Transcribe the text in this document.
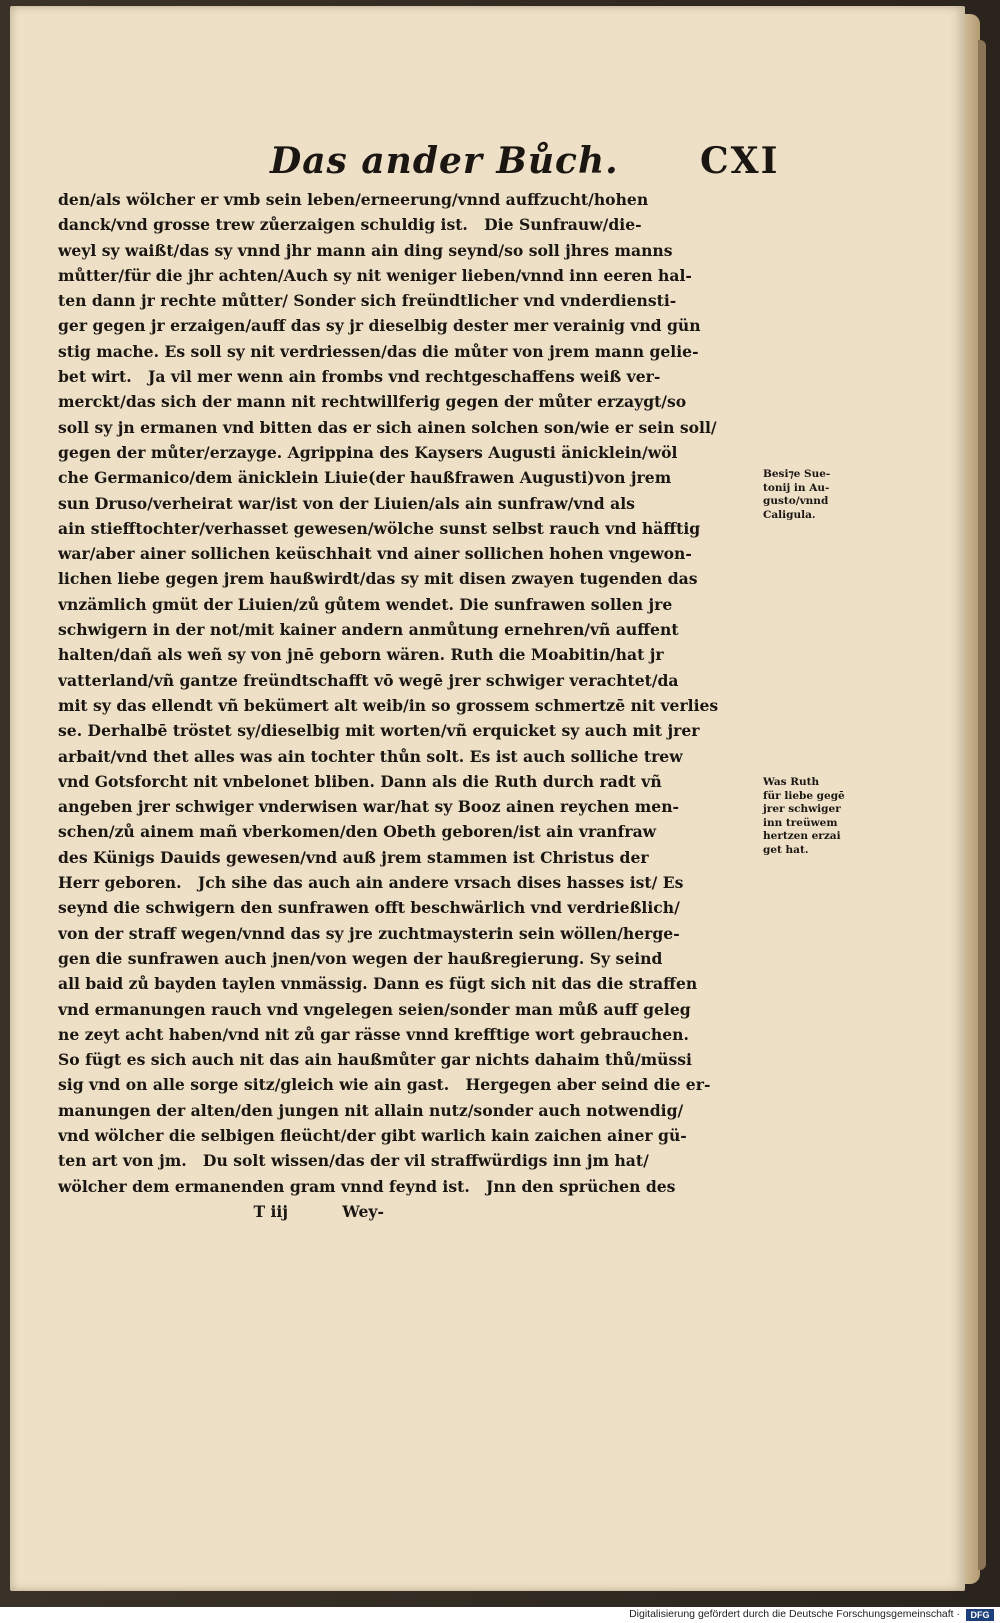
Das ander Bůch. CXI
den/als wölcher er vmb sein leben/erneerung/vnnd auffzucht/hohen
danck/vnd grosse trew zůerzaigen schuldig ist.   Die Sunfrauw/die-
weyl sy waißt/das sy vnnd jhr mann ain ding seynd/so soll jhres manns
můtter/für die jhr achten/Auch sy nit weniger lieben/vnnd inn eeren hal-
ten dann jr rechte můtter/ Sonder sich freündtlicher vnd vnderdiensti-
ger gegen jr erzaigen/auff das sy jr dieselbig dester mer verainig vnd gün
stig mache. Es soll sy nit verdriessen/das die můter von jrem mann gelie-
bet wirt.   Ja vil mer wenn ain frombs vnd rechtgeschaffens weiß ver-
merckt/das sich der mann nit rechtwillferig gegen der můter erzaygt/so
soll sy jn ermanen vnd bitten das er sich ainen solchen son/wie er sein soll/
gegen der můter/erzayge. Agrippina des Kaysers Augusti änicklein/wöl
che Germanico/dem änicklein Liuie(der haußfrawen Augusti)von jrem
sun Druso/verheirat war/ist von der Liuien/als ain sunfraw/vnd als
ain stiefftochter/verhasset gewesen/wölche sunst selbst rauch vnd häfftig
war/aber ainer sollichen keüschhait vnd ainer sollichen hohen vngewon-
lichen liebe gegen jrem haußwirdt/das sy mit disen zwayen tugenden das
vnzämlich gmüt der Liuien/zů gůtem wendet. Die sunfrawen sollen jre
schwigern in der not/mit kainer andern anmůtung ernehren/vñ auffent
halten/dañ als weñ sy von jnē geborn wären. Ruth die Moabitin/hat jr
vatterland/vñ gantze freündtschafft vō wegē jrer schwiger verachtet/da
mit sy das ellendt vñ bekümert alt weib/in so grossem schmertzē nit verlies
se. Derhalbē tröstet sy/dieselbig mit worten/vñ erquicket sy auch mit jrer
arbait/vnd thet alles was ain tochter thůn solt. Es ist auch solliche trew
vnd Gotsforcht nit vnbelonet bliben. Dann als die Ruth durch radt vñ
angeben jrer schwiger vnderwisen war/hat sy Booz ainen reychen men-
schen/zů ainem mañ vberkomen/den Obeth geboren/ist ain vranfraw
des Künigs Dauids gewesen/vnd auß jrem stammen ist Christus der
Herr geboren.   Jch sihe das auch ain andere vrsach dises hasses ist/ Es
seynd die schwigern den sunfrawen offt beschwärlich vnd verdrießlich/
von der straff wegen/vnnd das sy jre zuchtmaysterin sein wöllen/herge-
gen die sunfrawen auch jnen/von wegen der haußregierung. Sy seind
all baid zů bayden taylen vnmässig. Dann es fügt sich nit das die straffen
vnd ermanungen rauch vnd vngelegen seien/sonder man můß auff geleg
ne zeyt acht haben/vnd nit zů gar rässe vnnd krefftige wort gebrauchen.
So fügt es sich auch nit das ain haußmůter gar nichts dahaim thů/müssi
sig vnd on alle sorge sitz/gleich wie ain gast.   Hergegen aber seind die er-
manungen der alten/den jungen nit allain nutz/sonder auch notwendig/
vnd wölcher die selbigen fleücht/der gibt warlich kain zaichen ainer gü-
ten art von jm.   Du solt wissen/das der vil straffwürdigs inn jm hat/
wölcher dem ermanenden gram vnnd feynd ist.   Jnn den sprüchen des
T iij          Wey-
Besi⁊e Sue-
tonij in Au-
gusto/vnnd
Caligula.
Was Ruth
für liebe gegē
jrer schwiger
inn treüwem
hertzen erzai
get hat.
Digitalisierung gefördert durch die Deutsche Forschungsgemeinschaft ·	DFG
